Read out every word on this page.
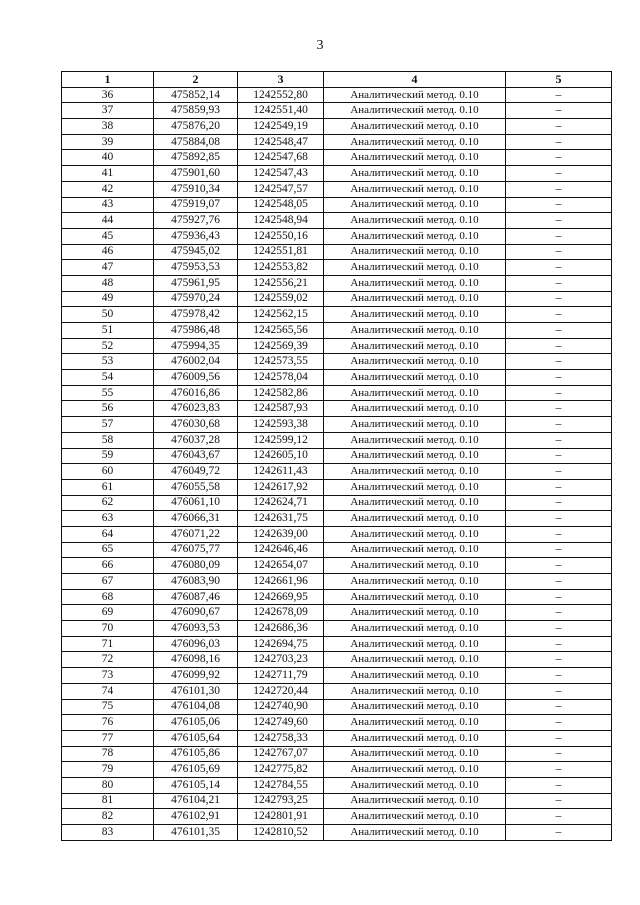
3
1	2	3	4	5
36	475852,14	1242552,80	Аналитический метод. 0.10	–
37	475859,93	1242551,40	Аналитический метод. 0.10	–
38	475876,20	1242549,19	Аналитический метод. 0.10	–
39	475884,08	1242548,47	Аналитический метод. 0.10	–
40	475892,85	1242547,68	Аналитический метод. 0.10	–
41	475901,60	1242547,43	Аналитический метод. 0.10	–
42	475910,34	1242547,57	Аналитический метод. 0.10	–
43	475919,07	1242548,05	Аналитический метод. 0.10	–
44	475927,76	1242548,94	Аналитический метод. 0.10	–
45	475936,43	1242550,16	Аналитический метод. 0.10	–
46	475945,02	1242551,81	Аналитический метод. 0.10	–
47	475953,53	1242553,82	Аналитический метод. 0.10	–
48	475961,95	1242556,21	Аналитический метод. 0.10	–
49	475970,24	1242559,02	Аналитический метод. 0.10	–
50	475978,42	1242562,15	Аналитический метод. 0.10	–
51	475986,48	1242565,56	Аналитический метод. 0.10	–
52	475994,35	1242569,39	Аналитический метод. 0.10	–
53	476002,04	1242573,55	Аналитический метод. 0.10	–
54	476009,56	1242578,04	Аналитический метод. 0.10	–
55	476016,86	1242582,86	Аналитический метод. 0.10	–
56	476023,83	1242587,93	Аналитический метод. 0.10	–
57	476030,68	1242593,38	Аналитический метод. 0.10	–
58	476037,28	1242599,12	Аналитический метод. 0.10	–
59	476043,67	1242605,10	Аналитический метод. 0.10	–
60	476049,72	1242611,43	Аналитический метод. 0.10	–
61	476055,58	1242617,92	Аналитический метод. 0.10	–
62	476061,10	1242624,71	Аналитический метод. 0.10	–
63	476066,31	1242631,75	Аналитический метод. 0.10	–
64	476071,22	1242639,00	Аналитический метод. 0.10	–
65	476075,77	1242646,46	Аналитический метод. 0.10	–
66	476080,09	1242654,07	Аналитический метод. 0.10	–
67	476083,90	1242661,96	Аналитический метод. 0.10	–
68	476087,46	1242669,95	Аналитический метод. 0.10	–
69	476090,67	1242678,09	Аналитический метод. 0.10	–
70	476093,53	1242686,36	Аналитический метод. 0.10	–
71	476096,03	1242694,75	Аналитический метод. 0.10	–
72	476098,16	1242703,23	Аналитический метод. 0.10	–
73	476099,92	1242711,79	Аналитический метод. 0.10	–
74	476101,30	1242720,44	Аналитический метод. 0.10	–
75	476104,08	1242740,90	Аналитический метод. 0.10	–
76	476105,06	1242749,60	Аналитический метод. 0.10	–
77	476105,64	1242758,33	Аналитический метод. 0.10	–
78	476105,86	1242767,07	Аналитический метод. 0.10	–
79	476105,69	1242775,82	Аналитический метод. 0.10	–
80	476105,14	1242784,55	Аналитический метод. 0.10	–
81	476104,21	1242793,25	Аналитический метод. 0.10	–
82	476102,91	1242801,91	Аналитический метод. 0.10	–
83	476101,35	1242810,52	Аналитический метод. 0.10	–
